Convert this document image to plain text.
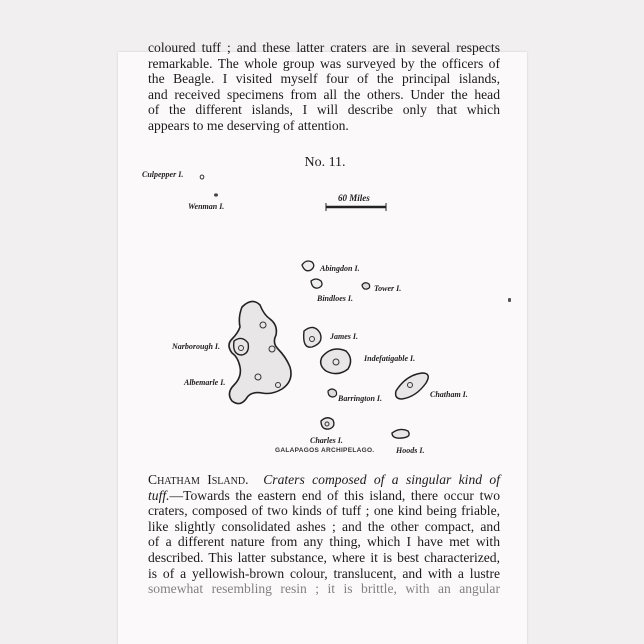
coloured tuff ; and these latter craters are in several respects
remarkable. The whole group was surveyed by the officers of
the Beagle. I visited myself four of the principal islands,
and received specimens from all the others. Under the head
of the different islands, I will describe only that which
appears to me deserving of attention.
No. 11.
Culpepper I.
Wenman I.
60 Miles
Abingdon I.
Bindloes I.
Tower I.
Narborough I.
Albemarle I.
James I.
Indefatigable I.
Barrington I.	Chatham I.
Charles I.
Hoods I.
GALAPAGOS ARCHIPELAGO.
Chatham Island. Craters composed of a singular kind of
tuff.—Towards the eastern end of this island, there occur two
craters, composed of two kinds of tuff ; one kind being friable,
like slightly consolidated ashes ; and the other compact, and
of a different nature from any thing, which I have met with
described. This latter substance, where it is best characterized,
is of a yellowish-brown colour, translucent, and with a lustre
somewhat resembling resin ; it is brittle, with an angular
